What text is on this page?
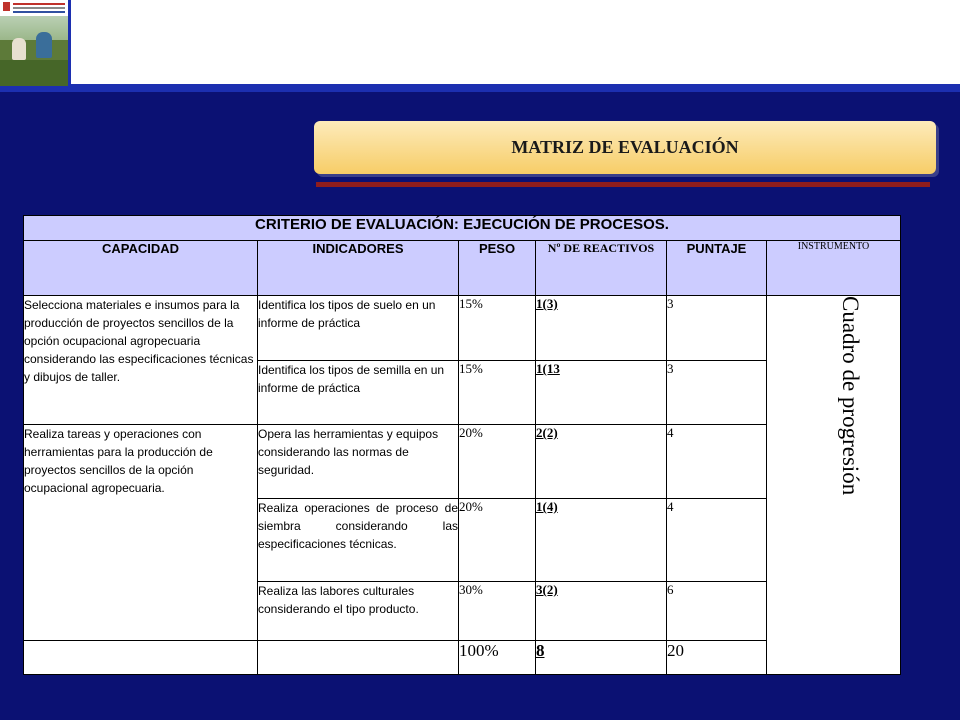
MATRIZ DE EVALUACIÓN
CRITERIO DE EVALUACIÓN: EJECUCIÓN DE PROCESOS.					
CAPACIDAD	INDICADORES	PESO	Nº DE REACTIVOS	PUNTAJE	INSTRUMENTO
Selecciona materiales e insumos para la producción de proyectos sencillos de la opción ocupacional agropecuaria considerando las especificaciones técnicas y dibujos de taller.	Identifica los tipos de suelo en un informe de práctica	15%	1(3)	3	Cuadro de progresión

	Identifica los tipos de semilla en un informe de práctica	15%	1(13	3	
Realiza tareas y operaciones con herramientas para la producción de proyectos sencillos de la opción ocupacional agropecuaria.	Opera las herramientas y equipos considerando las normas de seguridad.	20%	2(2)	4	
	Realiza operaciones de proceso de siembra considerando las especificaciones técnicas.	20%	1(4)	4	
	Realiza las labores culturales considerando el tipo producto.	30%	3(2)	6	
		100%	8	20	
